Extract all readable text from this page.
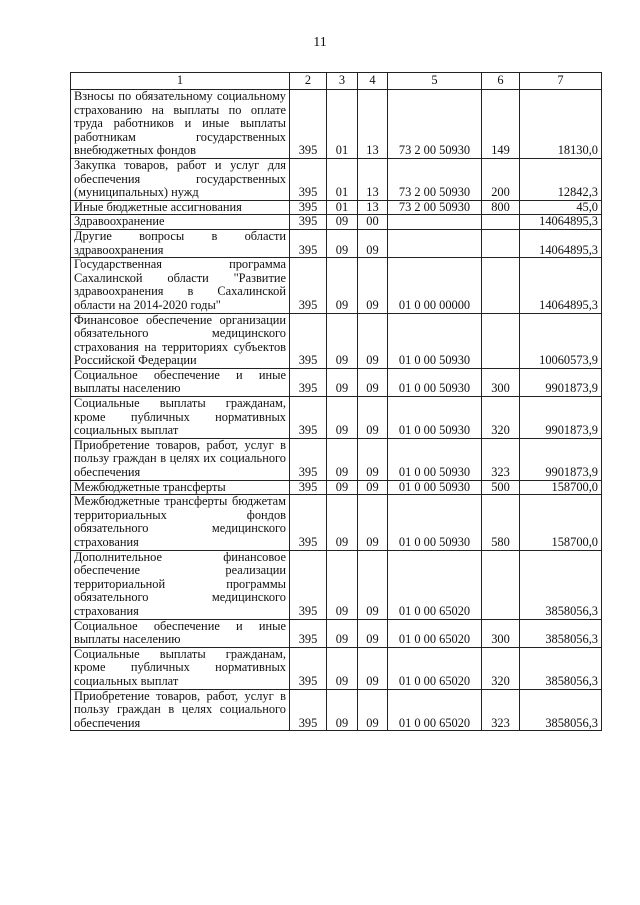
11
1	2	3	4	5	6	7
Взносы по обязательному социальному страхованию на выплаты по оплате труда работников и иные выплаты работникам государственных внебюджетных фондов	395	01	13	73 2 00 50930	149	18130,0
Закупка товаров, работ и услуг для обеспечения государственных (муниципальных) нужд	395	01	13	73 2 00 50930	200	12842,3
Иные бюджетные ассигнования	395	01	13	73 2 00 50930	800	45,0
Здравоохранение	395	09	00			14064895,3
Другие вопросы в области здравоохранения	395	09	09			14064895,3
Государственная программа Сахалинской области "Развитие здравоохранения в Сахалинской области на 2014-2020 годы"	395	09	09	01 0 00 00000		14064895,3
Финансовое обеспечение организации обязательного медицинского страхования на территориях субъектов Российской Федерации	395	09	09	01 0 00 50930		10060573,9
Социальное обеспечение и иные выплаты населению	395	09	09	01 0 00 50930	300	9901873,9
Социальные выплаты гражданам, кроме публичных нормативных социальных выплат	395	09	09	01 0 00 50930	320	9901873,9
Приобретение товаров, работ, услуг в пользу граждан в целях их социального обеспечения	395	09	09	01 0 00 50930	323	9901873,9
Межбюджетные трансферты	395	09	09	01 0 00 50930	500	158700,0
Межбюджетные трансферты бюджетам территориальных фондов обязательного медицинского страхования	395	09	09	01 0 00 50930	580	158700,0
Дополнительное финансовое обеспечение реализации территориальной программы обязательного медицинского страхования	395	09	09	01 0 00 65020		3858056,3
Социальное обеспечение и иные выплаты населению	395	09	09	01 0 00 65020	300	3858056,3
Социальные выплаты гражданам, кроме публичных нормативных социальных выплат	395	09	09	01 0 00 65020	320	3858056,3
Приобретение товаров, работ, услуг в пользу граждан в целях социального обеспечения	395	09	09	01 0 00 65020	323	3858056,3
